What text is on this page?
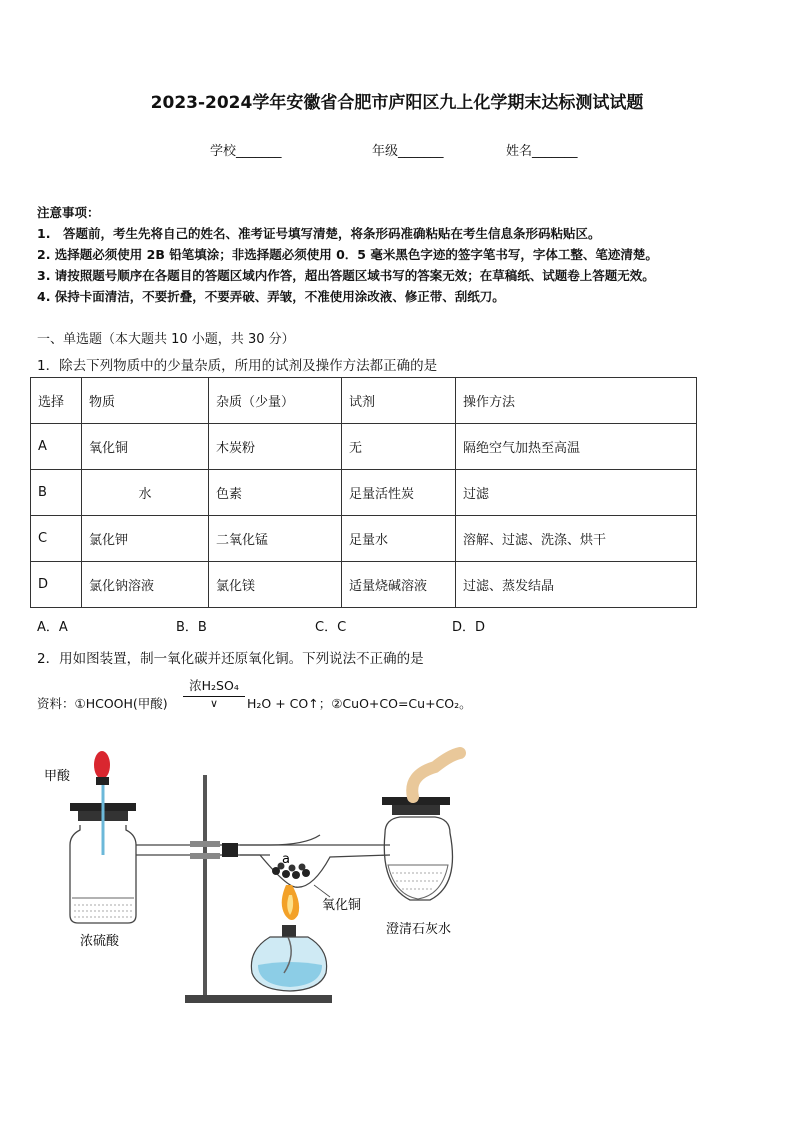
2023-2024学年安徽省合肥市庐阳区九上化学期末达标测试试题
学校_______	年级_______	姓名_______
注意事项：
1.　答题前，考生先将自己的姓名、准考证号填写清楚，将条形码准确粘贴在考生信息条形码粘贴区。
2. 选择题必须使用 2B 铅笔填涂；非选择题必须使用 0．5 毫米黑色字迹的签字笔书写，字体工整、笔迹清楚。
3. 请按照题号顺序在各题目的答题区域内作答，超出答题区域书写的答案无效；在草稿纸、试题卷上答题无效。
4. 保持卡面清洁，不要折叠，不要弄破、弄皱，不准使用涂改液、修正带、刮纸刀。
一、单选题（本大题共 10 小题，共 30 分）
1．除去下列物质中的少量杂质，所用的试剂及操作方法都正确的是
选择	物质	杂质（少量）	试剂	操作方法
A	氧化铜	木炭粉	无	隔绝空气加热至高温
B	水	色素	足量活性炭	过滤
C	氯化钾	二氧化锰	足量水	溶解、过滤、洗涤、烘干
D	氯化钠溶液	氯化镁	适量烧碱溶液	过滤、蒸发结晶
A．A	B．B	C．C	D．D
2．用如图装置，制一氧化碳并还原氧化铜。下列说法不正确的是
资料：①HCOOH(甲酸)
浓H₂SO₄
∨	H₂O + CO↑；②CuO+CO=Cu+CO₂。
甲酸
浓硫酸
a
氧化铜
澄清石灰水
